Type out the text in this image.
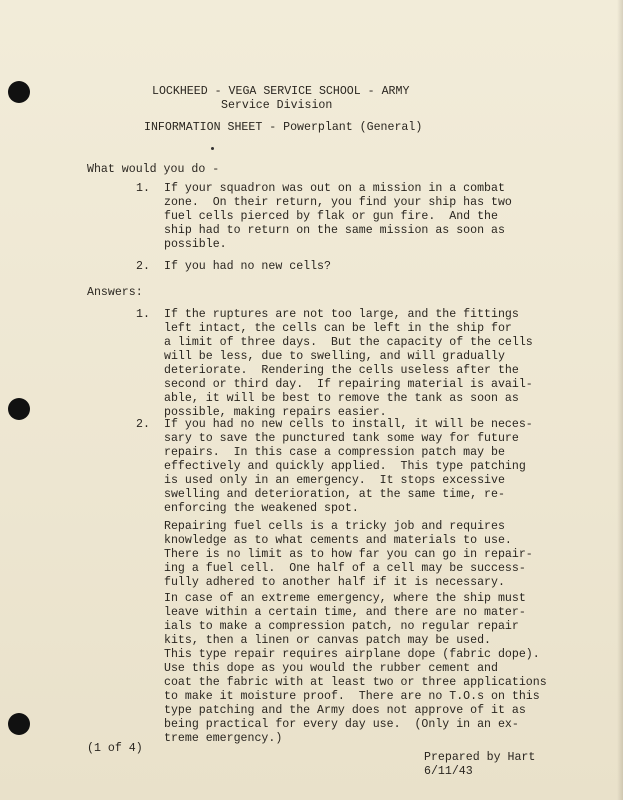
LOCKHEED - VEGA SERVICE SCHOOL - ARMY
Service Division
INFORMATION SHEET - Powerplant (General)
What would you do -
1. If your squadron was out on a mission in a combat
zone.  On their return, you find your ship has two
fuel cells pierced by flak or gun fire.  And the
ship had to return on the same mission as soon as
possible.
2. If you had no new cells?
Answers:
1. If the ruptures are not too large, and the fittings
left intact, the cells can be left in the ship for
a limit of three days.  But the capacity of the cells
will be less, due to swelling, and will gradually
deteriorate.  Rendering the cells useless after the
second or third day.  If repairing material is avail-
able, it will be best to remove the tank as soon as
possible, making repairs easier.
2. If you had no new cells to install, it will be neces-
sary to save the punctured tank some way for future
repairs.  In this case a compression patch may be
effectively and quickly applied.  This type patching
is used only in an emergency.  It stops excessive
swelling and deterioration, at the same time, re-
enforcing the weakened spot.
Repairing fuel cells is a tricky job and requires
knowledge as to what cements and materials to use.
There is no limit as to how far you can go in repair-
ing a fuel cell.  One half of a cell may be success-
fully adhered to another half if it is necessary.
In case of an extreme emergency, where the ship must
leave within a certain time, and there are no mater-
ials to make a compression patch, no regular repair
kits, then a linen or canvas patch may be used.
This type repair requires airplane dope (fabric dope).
Use this dope as you would the rubber cement and
coat the fabric with at least two or three applications
to make it moisture proof.  There are no T.O.s on this
type patching and the Army does not approve of it as
being practical for every day use.  (Only in an ex-
treme emergency.)
(1 of 4)
Prepared by Hart
6/11/43
